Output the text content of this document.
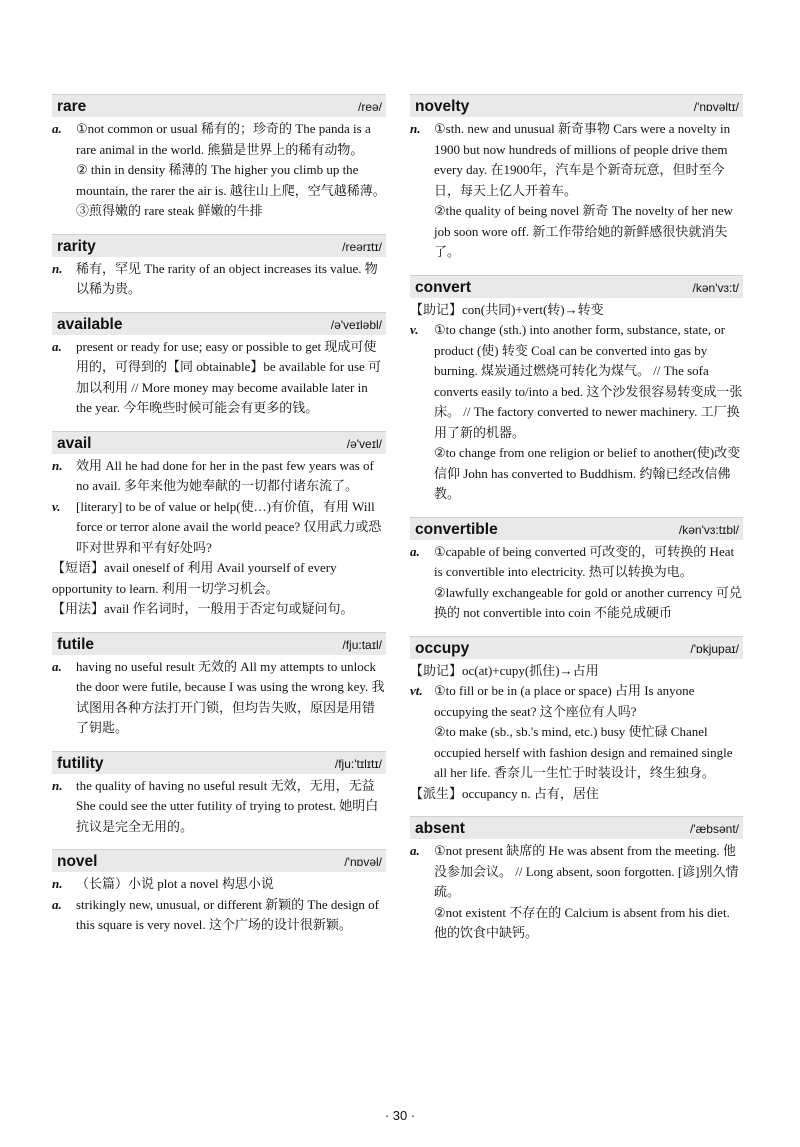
rare	/reə/
a.	①not common or usual 稀有的；珍奇的 The panda is a rare animal in the world. 熊猫是世界上的稀有动物。
② thin in density 稀薄的 The higher you climb up the mountain, the rarer the air is. 越往山上爬，空气越稀薄。
③煎得嫩的 rare steak 鲜嫩的牛排
rarity	/reərɪtɪ/
n.	稀有，罕见 The rarity of an object increases its value. 物以稀为贵。
available	/ə'veɪləbl/
a.	present or ready for use; easy or possible to get 现成可使用的，可得到的【同 obtainable】be available for use 可加以利用 // More money may become available later in the year. 今年晚些时候可能会有更多的钱。
avail	/ə'veɪl/
n.	效用 All he had done for her in the past few years was of no avail. 多年来他为她奉献的一切都付诸东流了。
v.	[literary] to be of value or help(使…)有价值，有用 Will force or terror alone avail the world peace? 仅用武力或恐吓对世界和平有好处吗?
【短语】avail oneself of 利用 Avail yourself of every opportunity to learn. 利用一切学习机会。
【用法】avail 作名词时，一般用于否定句或疑问句。
futile	/fju:taɪl/
a.	having no useful result 无效的 All my attempts to unlock the door were futile, because I was using the wrong key. 我试图用各种方法打开门锁，但均告失败，原因是用错了钥匙。
futility	/fju:'tɪlɪtɪ/
n.	the quality of having no useful result 无效，无用，无益 She could see the utter futility of trying to protest. 她明白抗议是完全无用的。
novel	/'nɒvəl/
n.	（长篇）小说 plot a novel 构思小说
a.	strikingly new, unusual, or different 新颖的 The design of this square is very novel. 这个广场的设计很新颖。
novelty	/'nɒvəltɪ/
n.	①sth. new and unusual 新奇事物 Cars were a novelty in 1900 but now hundreds of millions of people drive them every day. 在1900年，汽车是个新奇玩意，但时至今日，每天上亿人开着车。
②the quality of being novel 新奇 The novelty of her new job soon wore off. 新工作带给她的新鲜感很快就消失了。
convert	/kən'vɜ:t/
【助记】con(共同)+vert(转)→转变
v.	①to change (sth.) into another form, substance, state, or product (使) 转变 Coal can be converted into gas by burning. 煤炭通过燃烧可转化为煤气。 // The sofa converts easily to/into a bed. 这个沙发很容易转变成一张床。 // The factory converted to newer machinery. 工厂换用了新的机器。
②to change from one religion or belief to another(使)改变信仰 John has converted to Buddhism. 约翰已经改信佛教。
convertible	/kən'vɜ:tɪbl/
a.	①capable of being converted 可改变的，可转换的 Heat is convertible into electricity. 热可以转换为电。
②lawfully exchangeable for gold or another currency 可兑换的 not convertible into coin 不能兑成硬币
occupy	/'ɒkjupaɪ/
【助记】oc(at)+cupy(抓住)→占用
vt. ①to fill or be in (a place or space) 占用 Is anyone occupying the seat? 这个座位有人吗?
②to make (sb., sb.'s mind, etc.) busy 使忙碌 Chanel occupied herself with fashion design and remained single all her life. 香奈儿一生忙于时装设计，终生独身。
【派生】occupancy n. 占有，居住
absent	/'æbsənt/
a.	①not present 缺席的 He was absent from the meeting. 他没参加会议。 // Long absent, soon forgotten. [谚]别久情疏。
②not existent 不存在的 Calcium is absent from his diet. 他的饮食中缺钙。
· 30 ·
